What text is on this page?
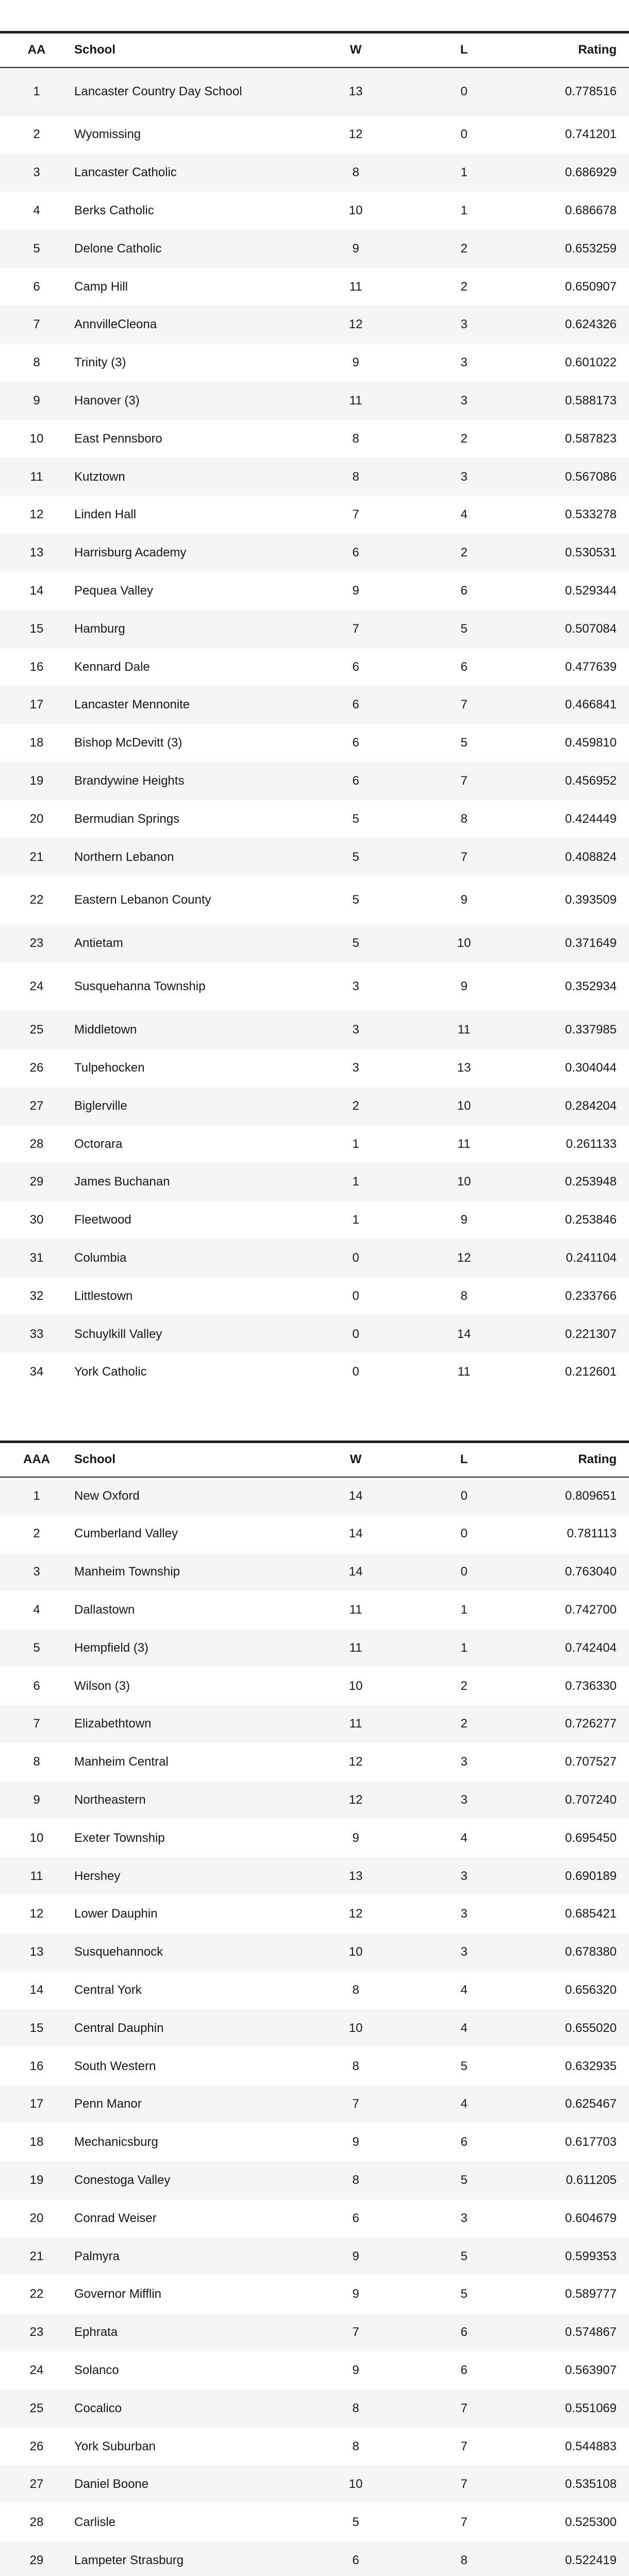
AA	School	W	L	Rating
1	Lancaster Country Day School	13	0	0.778516
2	Wyomissing	12	0	0.741201
3	Lancaster Catholic	8	1	0.686929
4	Berks Catholic	10	1	0.686678
5	Delone Catholic	9	2	0.653259
6	Camp Hill	11	2	0.650907
7	AnnvilleCleona	12	3	0.624326
8	Trinity (3)	9	3	0.601022
9	Hanover (3)	11	3	0.588173
10	East Pennsboro	8	2	0.587823
11	Kutztown	8	3	0.567086
12	Linden Hall	7	4	0.533278
13	Harrisburg Academy	6	2	0.530531
14	Pequea Valley	9	6	0.529344
15	Hamburg	7	5	0.507084
16	Kennard Dale	6	6	0.477639
17	Lancaster Mennonite	6	7	0.466841
18	Bishop McDevitt (3)	6	5	0.459810
19	Brandywine Heights	6	7	0.456952
20	Bermudian Springs	5	8	0.424449
21	Northern Lebanon	5	7	0.408824
22	Eastern Lebanon County	5	9	0.393509
23	Antietam	5	10	0.371649
24	Susquehanna Township	3	9	0.352934
25	Middletown	3	11	0.337985
26	Tulpehocken	3	13	0.304044
27	Biglerville	2	10	0.284204
28	Octorara	1	11	0.261133
29	James Buchanan	1	10	0.253948
30	Fleetwood	1	9	0.253846
31	Columbia	0	12	0.241104
32	Littlestown	0	8	0.233766
33	Schuylkill Valley	0	14	0.221307
34	York Catholic	0	11	0.212601
AAA	School	W	L	Rating
1	New Oxford	14	0	0.809651
2	Cumberland Valley	14	0	0.781113
3	Manheim Township	14	0	0.763040
4	Dallastown	11	1	0.742700
5	Hempfield (3)	11	1	0.742404
6	Wilson (3)	10	2	0.736330
7	Elizabethtown	11	2	0.726277
8	Manheim Central	12	3	0.707527
9	Northeastern	12	3	0.707240
10	Exeter Township	9	4	0.695450
11	Hershey	13	3	0.690189
12	Lower Dauphin	12	3	0.685421
13	Susquehannock	10	3	0.678380
14	Central York	8	4	0.656320
15	Central Dauphin	10	4	0.655020
16	South Western	8	5	0.632935
17	Penn Manor	7	4	0.625467
18	Mechanicsburg	9	6	0.617703
19	Conestoga Valley	8	5	0.611205
20	Conrad Weiser	6	3	0.604679
21	Palmyra	9	5	0.599353
22	Governor Mifflin	9	5	0.589777
23	Ephrata	7	6	0.574867
24	Solanco	9	6	0.563907
25	Cocalico	8	7	0.551069
26	York Suburban	8	7	0.544883
27	Daniel Boone	10	7	0.535108
28	Carlisle	5	7	0.525300
29	Lampeter Strasburg	6	8	0.522419
